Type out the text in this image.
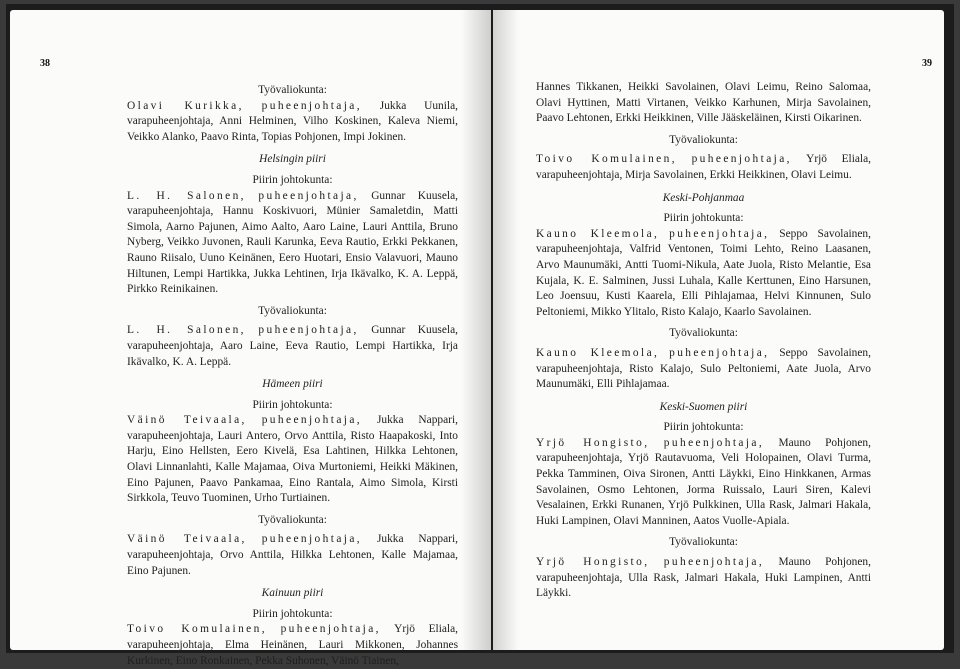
38

Työvaliokunta:

Olavi Kurikka, puheenjohtaja, Jukka Uunila, varapuheenjohtaja, Anni Helminen, Vilho Koskinen, Kaleva Niemi, Veikko Alanko, Paavo Rinta, Topias Pohjonen, Impi Jokinen.

Helsingin piiri

Piirin johtokunta:

L. H. Salonen, puheenjohtaja, Gunnar Kuusela, varapuheenjohtaja, Hannu Koskivuori, Münier Samaletdin, Matti Simola, Aarno Pajunen, Aimo Aalto, Aaro Laine, Lauri Anttila, Bruno Nyberg, Veikko Juvonen, Rauli Karunka, Eeva Rautio, Erkki Pekkanen, Rauno Riisalo, Uuno Keinänen, Eero Huotari, Ensio Valavuori, Mauno Hiltunen, Lempi Hartikka, Jukka Lehtinen, Irja Ikävalko, K. A. Leppä, Pirkko Reinikainen.

Työvaliokunta:

L. H. Salonen, puheenjohtaja, Gunnar Kuusela, varapuheenjohtaja, Aaro Laine, Eeva Rautio, Lempi Hartikka, Irja Ikävalko, K. A. Leppä.

Hämeen piiri

Piirin johtokunta:

Väinö Teivaala, puheenjohtaja, Jukka Nappari, varapuheenjohtaja, Lauri Antero, Orvo Anttila, Risto Haapakoski, Into Harju, Eino Hellsten, Eero Kivelä, Esa Lahtinen, Hilkka Lehtonen, Olavi Linnanlahti, Kalle Majamaa, Oiva Murtoniemi, Heikki Mäkinen, Eino Pajunen, Paavo Pankamaa, Eino Rantala, Aimo Simola, Kirsti Sirkkola, Teuvo Tuominen, Urho Turtiainen.

Työvaliokunta:

Väinö Teivaala, puheenjohtaja, Jukka Nappari, varapuheenjohtaja, Orvo Anttila, Hilkka Lehtonen, Kalle Majamaa, Eino Pajunen.

Kainuun piiri

Piirin johtokunta:

Toivo Komulainen, puheenjohtaja, Yrjö Eliala, varapuheenjohtaja, Elma Heinänen, Lauri Mikkonen, Johannes Kurkinen, Eino Ronkainen, Pekka Suhonen, Väinö Tiainen,

39

Hannes Tikkanen, Heikki Savolainen, Olavi Leimu, Reino Salomaa, Olavi Hyttinen, Matti Virtanen, Veikko Karhunen, Mirja Savolainen, Paavo Lehtonen, Erkki Heikkinen, Ville Jääskeläinen, Kirsti Oikarinen.

Työvaliokunta:

Toivo Komulainen, puheenjohtaja, Yrjö Eliala, varapuheenjohtaja, Mirja Savolainen, Erkki Heikkinen, Olavi Leimu.

Keski-Pohjanmaa

Piirin johtokunta:

Kauno Kleemola, puheenjohtaja, Seppo Savolainen, varapuheenjohtaja, Valfrid Ventonen, Toimi Lehto, Reino Laasanen, Arvo Maunumäki, Antti Tuomi-Nikula, Aate Juola, Risto Melantie, Esa Kujala, K. E. Salminen, Jussi Luhala, Kalle Kerttunen, Eino Harsunen, Leo Joensuu, Kusti Kaarela, Elli Pihlajamaa, Helvi Kinnunen, Sulo Peltoniemi, Mikko Ylitalo, Risto Kalajo, Kaarlo Savolainen.

Työvaliokunta:

Kauno Kleemola, puheenjohtaja, Seppo Savolainen, varapuheenjohtaja, Risto Kalajo, Sulo Peltoniemi, Aate Juola, Arvo Maunumäki, Elli Pihlajamaa.

Keski-Suomen piiri

Piirin johtokunta:

Yrjö Hongisto, puheenjohtaja, Mauno Pohjonen, varapuheenjohtaja, Yrjö Rautavuoma, Veli Holopainen, Olavi Turma, Pekka Tamminen, Oiva Sironen, Antti Läykki, Eino Hinkkanen, Armas Savolainen, Osmo Lehtonen, Jorma Ruissalo, Lauri Siren, Kalevi Vesalainen, Erkki Runanen, Yrjö Pulkkinen, Ulla Rask, Jalmari Hakala, Huki Lampinen, Olavi Manninen, Aatos Vuolle-Apiala.

Työvaliokunta:

Yrjö Hongisto, puheenjohtaja, Mauno Pohjonen, varapuheenjohtaja, Ulla Rask, Jalmari Hakala, Huki Lampinen, Antti Läykki.
